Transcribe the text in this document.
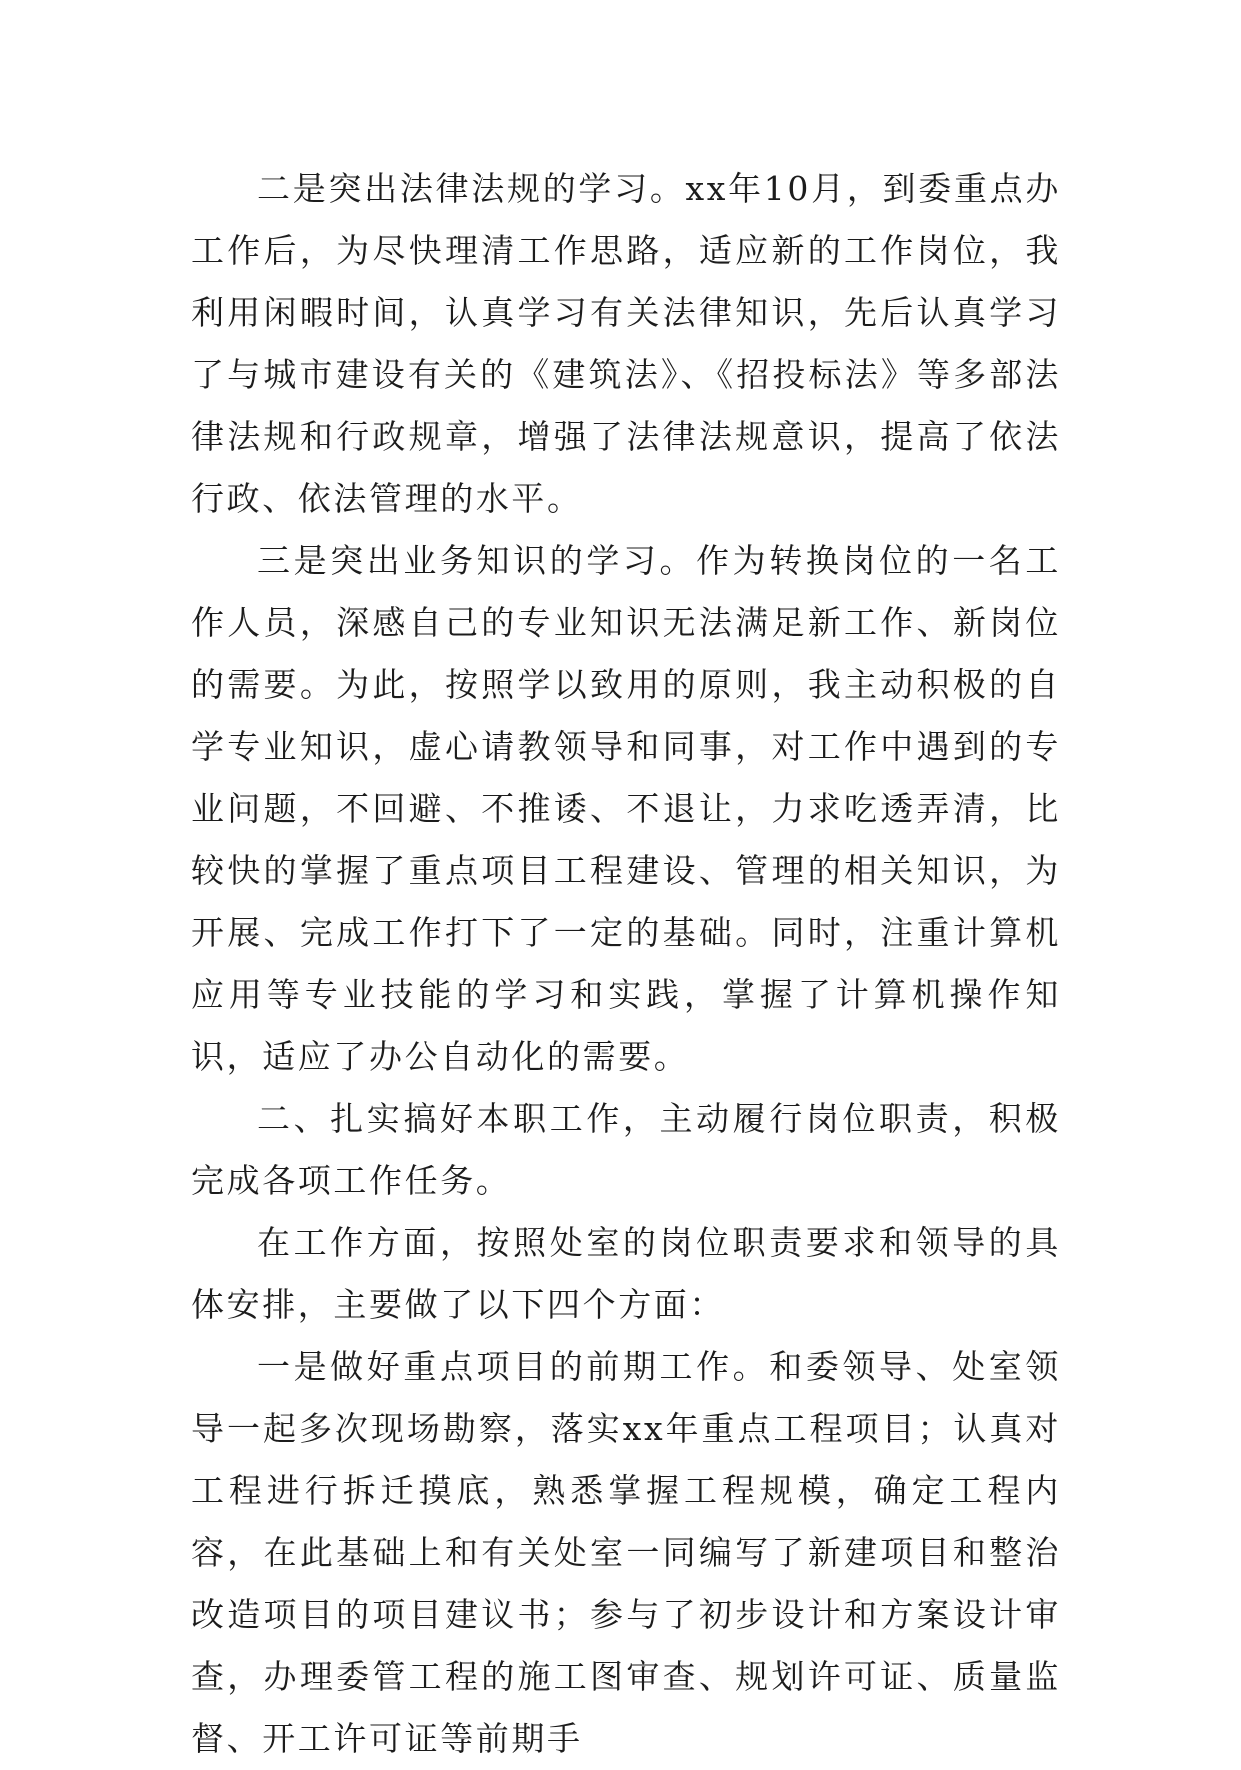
二是突出法律法规的学习。xx年10月，到委重点办工作后，为尽快理清工作思路，适应新的工作岗位，我利用闲暇时间，认真学习有关法律知识，先后认真学习了与城市建设有关的《建筑法》、《招投标法》等多部法律法规和行政规章，增强了法律法规意识，提高了依法行政、依法管理的水平。

三是突出业务知识的学习。作为转换岗位的一名工作人员，深感自己的专业知识无法满足新工作、新岗位的需要。为此，按照学以致用的原则，我主动积极的自学专业知识，虚心请教领导和同事，对工作中遇到的专业问题，不回避、不推诿、不退让，力求吃透弄清，比较快的掌握了重点项目工程建设、管理的相关知识，为开展、完成工作打下了一定的基础。同时，注重计算机应用等专业技能的学习和实践，掌握了计算机操作知识，适应了办公自动化的需要。

二、扎实搞好本职工作，主动履行岗位职责，积极完成各项工作任务。

在工作方面，按照处室的岗位职责要求和领导的具体安排，主要做了以下四个方面：

一是做好重点项目的前期工作。和委领导、处室领导一起多次现场勘察，落实xx年重点工程项目；认真对工程进行拆迁摸底，熟悉掌握工程规模，确定工程内容，在此基础上和有关处室一同编写了新建项目和整治改造项目的项目建议书；参与了初步设计和方案设计审查，办理委管工程的施工图审查、规划许可证、质量监督、开工许可证等前期手
